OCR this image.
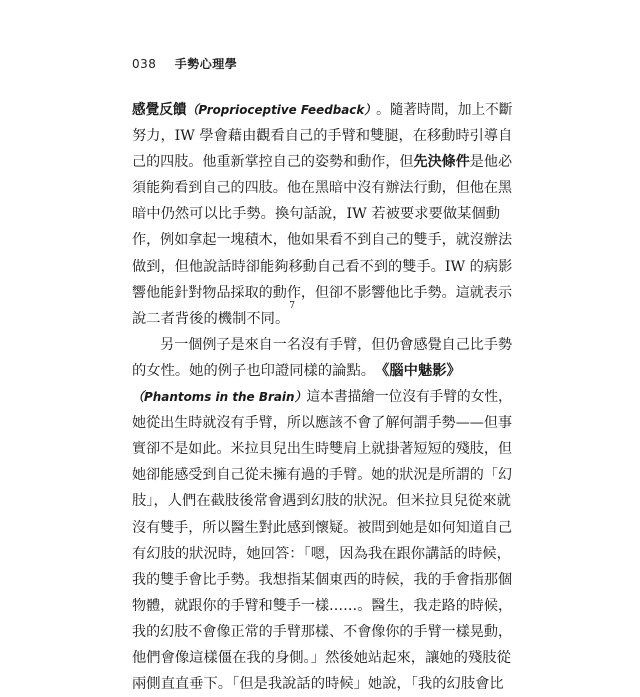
038 手勢心理學
感覺反饋（Proprioceptive Feedback）。隨著時間，加上不斷
努力，IW 學會藉由觀看自己的手臂和雙腿，在移動時引導自
己的四肢。他重新掌控自己的姿勢和動作，但先決條件是他必
須能夠看到自己的四肢。他在黑暗中沒有辦法行動，但他在黑
暗中仍然可以比手勢。換句話說，IW 若被要求要做某個動
作，例如拿起一塊積木，他如果看不到自己的雙手，就沒辦法
做到，但他說話時卻能夠移動自己看不到的雙手。IW 的病影
響他能針對物品採取的動作，但卻不影響他比手勢。這就表示
說二者背後的機制不同。
7
另一個例子是來自一名沒有手臂，但仍會感覺自己比手勢
的女性。她的例子也印證同樣的論點。《腦中魅影》
（Phantoms in the Brain）這本書描繪一位沒有手臂的女性，
她從出生時就沒有手臂，所以應該不會了解何謂手勢——但事
實卻不是如此。米拉貝兒出生時雙肩上就掛著短短的殘肢，但
她卻能感受到自己從未擁有過的手臂。她的狀況是所謂的「幻
肢」，人們在截肢後常會遇到幻肢的狀況。但米拉貝兒從來就
沒有雙手，所以醫生對此感到懷疑。被問到她是如何知道自己
有幻肢的狀況時，她回答：「嗯，因為我在跟你講話的時候，
我的雙手會比手勢。我想指某個東西的時候，我的手會指那個
物體，就跟你的手臂和雙手一樣……。醫生，我走路的時候，
我的幻肢不會像正常的手臂那樣、不會像你的手臂一樣晃動，
他們會像這樣僵在我的身側。」然後她站起來，讓她的殘肢從
兩側直直垂下。「但是我說話的時候」她說，「我的幻肢會比
